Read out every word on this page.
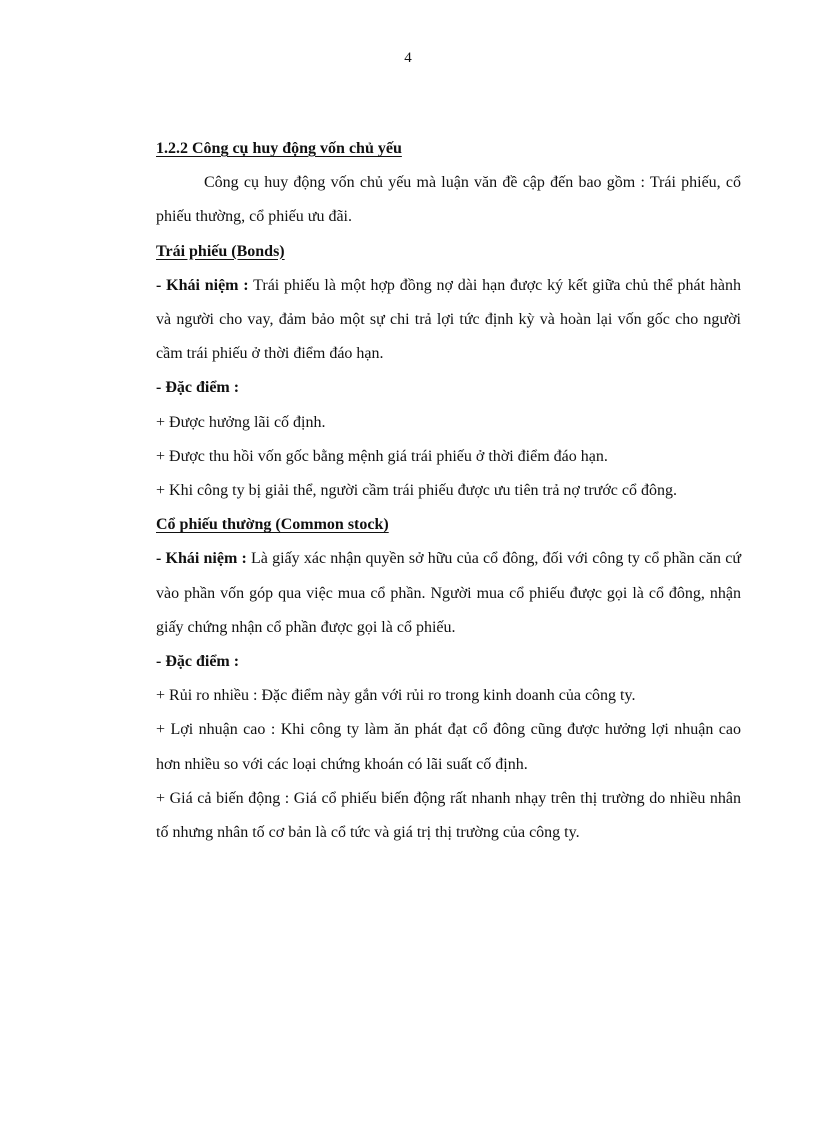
4

1.2.2 Công cụ huy động vốn chủ yếu

Công cụ huy động vốn chủ yếu mà luận văn đề cập đến bao gồm : Trái phiếu, cổ phiếu thường, cổ phiếu ưu đãi.

Trái phiếu (Bonds)

- Khái niệm : Trái phiếu là một hợp đồng nợ dài hạn được ký kết giữa chủ thể phát hành và người cho vay, đảm bảo một sự chi trả lợi tức định kỳ và hoàn lại vốn gốc cho người cầm trái phiếu ở thời điểm đáo hạn.

- Đặc điểm :

+ Được hưởng lãi cố định.

+ Được thu hồi vốn gốc bằng mệnh giá trái phiếu ở thời điểm đáo hạn.

+ Khi công ty bị giải thể, người cầm trái phiếu được ưu tiên trả nợ trước cổ đông.

Cổ phiếu thường (Common stock)

- Khái niệm : Là giấy xác nhận quyền sở hữu của cổ đông, đối với công ty cổ phần căn cứ vào phần vốn góp qua việc mua cổ phần. Người mua cổ phiếu được gọi là cổ đông, nhận giấy chứng nhận cổ phần được gọi là cổ phiếu.

- Đặc điểm :

+ Rủi ro nhiều : Đặc điểm này gắn với rủi ro trong kinh doanh của công ty.

+ Lợi nhuận cao : Khi công ty làm ăn phát đạt cổ đông cũng được hưởng lợi nhuận cao hơn nhiều so với các loại chứng khoán có lãi suất cố định.

+ Giá cả biến động : Giá cổ phiếu biến động rất nhanh nhạy trên thị trường do nhiều nhân tố nhưng nhân tố cơ bản là cổ tức và giá trị thị trường của công ty.
